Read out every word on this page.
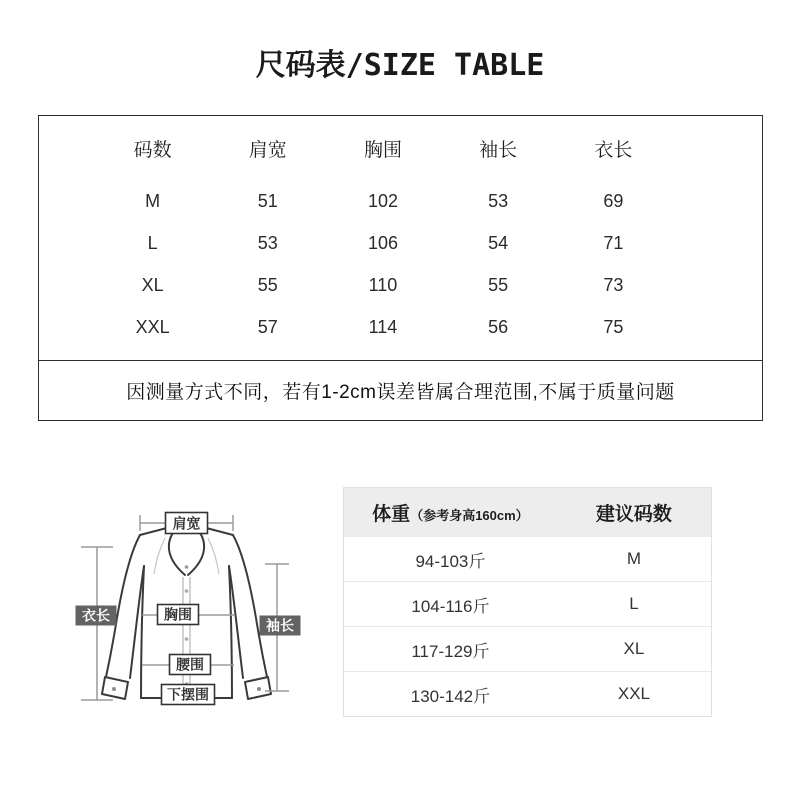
尺码表/SIZE TABLE
码数	肩宽	胸围	袖长	衣长
M	51	102	53	69
L	53	106	54	71
XL	55	110	55	73
XXL	57	114	56	75
因测量方式不同，若有1-2cm误差皆属合理范围,不属于质量问题
肩宽
衣长
袖长
胸围
腰围
下摆围
体重（参考身高160cm）	建议码数
94-103斤	M
104-116斤	L
117-129斤	XL
130-142斤	XXL
